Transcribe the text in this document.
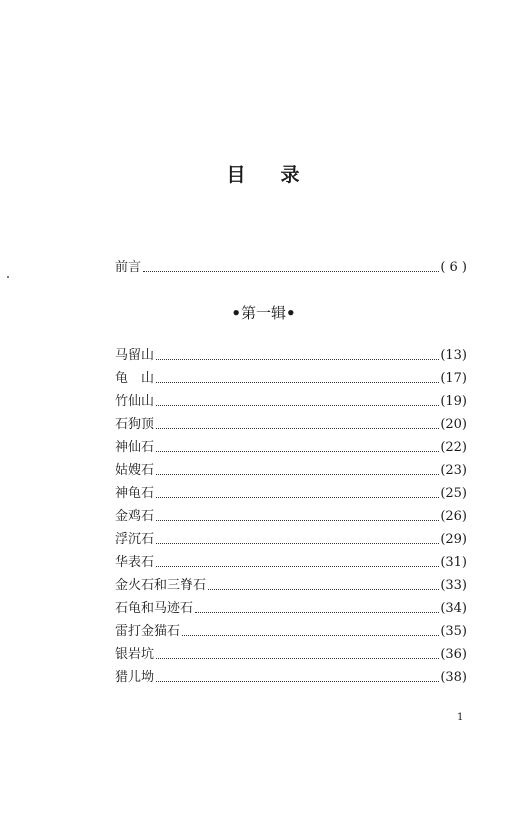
目 录
前言	( 6 )
•第一辑•
马留山	(13)
龟　山	(17)
竹仙山	(19)
石狗顶	(20)
神仙石	(22)
姑嫂石	(23)
神龟石	(25)
金鸡石	(26)
浮沉石	(29)
华表石	(31)
金火石和三脊石	(33)
石龟和马迹石	(34)
雷打金猫石	(35)
银岩坑	(36)
猎儿坳	(38)
1
